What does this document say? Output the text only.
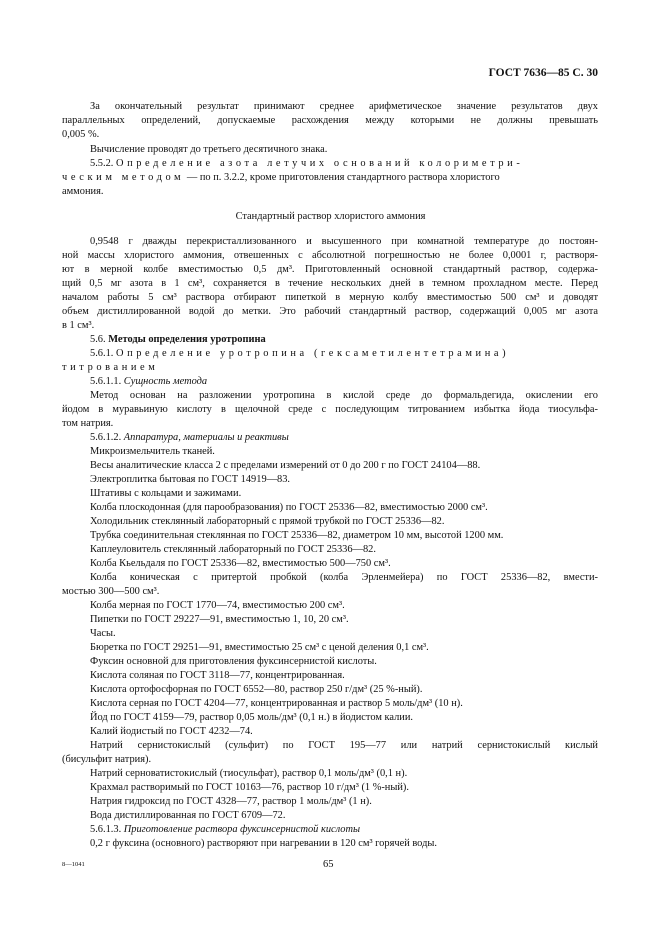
ГОСТ 7636—85 С. 30
За окончательный результат принимают среднее арифметическое значение результатов двух
параллельных определений, допускаемые расхождения между которыми не должны превышать
0,005 %.
Вычисление проводят до третьего десятичного знака.
5.5.2. Определение азота летучих оснований колориметри-
ческим методом — по п. 3.2.2, кроме приготовления стандартного раствора хлористого
аммония.
Стандартный раствор хлористого аммония
0,9548 г дважды перекристаллизованного и высушенного при комнатной температуре до постоян-
ной массы хлористого аммония, отвешенных с абсолютной погрешностью не более 0,0001 г, растворя-
ют в мерной колбе вместимостью 0,5 дм³. Приготовленный основной стандартный раствор, содержа-
щий 0,5 мг азота в 1 см³, сохраняется в течение нескольких дней в темном прохладном месте. Перед
началом работы 5 см³ раствора отбирают пипеткой в мерную колбу вместимостью 500 см³ и доводят
объем дистиллированной водой до метки. Это рабочий стандартный раствор, содержащий 0,005 мг азота
в 1 см³.
5.6. Методы определения уротропина
5.6.1. Определение уротропина (гексаметилентетрамина)
титрованием
5.6.1.1. Сущность метода
Метод основан на разложении уротропина в кислой среде до формальдегида, окислении его
йодом в муравьиную кислоту в щелочной среде с последующим титрованием избытка йода тиосульфа-
том натрия.
5.6.1.2. Аппаратура, материалы и реактивы
Микроизмельчитель тканей.
Весы аналитические класса 2 с пределами измерений от 0 до 200 г по ГОСТ 24104—88.
Электроплитка бытовая по ГОСТ 14919—83.
Штативы с кольцами и зажимами.
Колба плоскодонная (для парообразования) по ГОСТ 25336—82, вместимостью 2000 см³.
Холодильник стеклянный лабораторный с прямой трубкой по ГОСТ 25336—82.
Трубка соединительная стеклянная по ГОСТ 25336—82, диаметром 10 мм, высотой 1200 мм.
Каплеуловитель стеклянный лабораторный по ГОСТ 25336—82.
Колба Кьельдаля по ГОСТ 25336—82, вместимостью 500—750 см³.
Колба коническая с притертой пробкой (колба Эрленмейера) по ГОСТ 25336—82, вмести-
мостью 300—500 см³.
Колба мерная по ГОСТ 1770—74, вместимостью 200 см³.
Пипетки по ГОСТ 29227—91, вместимостью 1, 10, 20 см³.
Часы.
Бюретка по ГОСТ 29251—91, вместимостью 25 см³ с ценой деления 0,1 см³.
Фуксин основной для приготовления фуксинсернистой кислоты.
Кислота соляная по ГОСТ 3118—77, концентрированная.
Кислота ортофосфорная по ГОСТ 6552—80, раствор 250 г/дм³ (25 %-ный).
Кислота серная по ГОСТ 4204—77, концентрированная и раствор 5 моль/дм³ (10 н).
Йод по ГОСТ 4159—79, раствор 0,05 моль/дм³ (0,1 н.) в йодистом калии.
Калий йодистый по ГОСТ 4232—74.
Натрий сернистокислый (сульфит) по ГОСТ 195—77 или натрий сернистокислый кислый
(бисульфит натрия).
Натрий серноватистокислый (тиосульфат), раствор 0,1 моль/дм³ (0,1 н).
Крахмал растворимый по ГОСТ 10163—76, раствор 10 г/дм³ (1 %-ный).
Натрия гидроксид по ГОСТ 4328—77, раствор 1 моль/дм³ (1 н).
Вода дистиллированная по ГОСТ 6709—72.
5.6.1.3. Приготовление раствора фуксинсернистой кислоты
0,2 г фуксина (основного) растворяют при нагревании в 120 см³ горячей воды.
8—1041	65
